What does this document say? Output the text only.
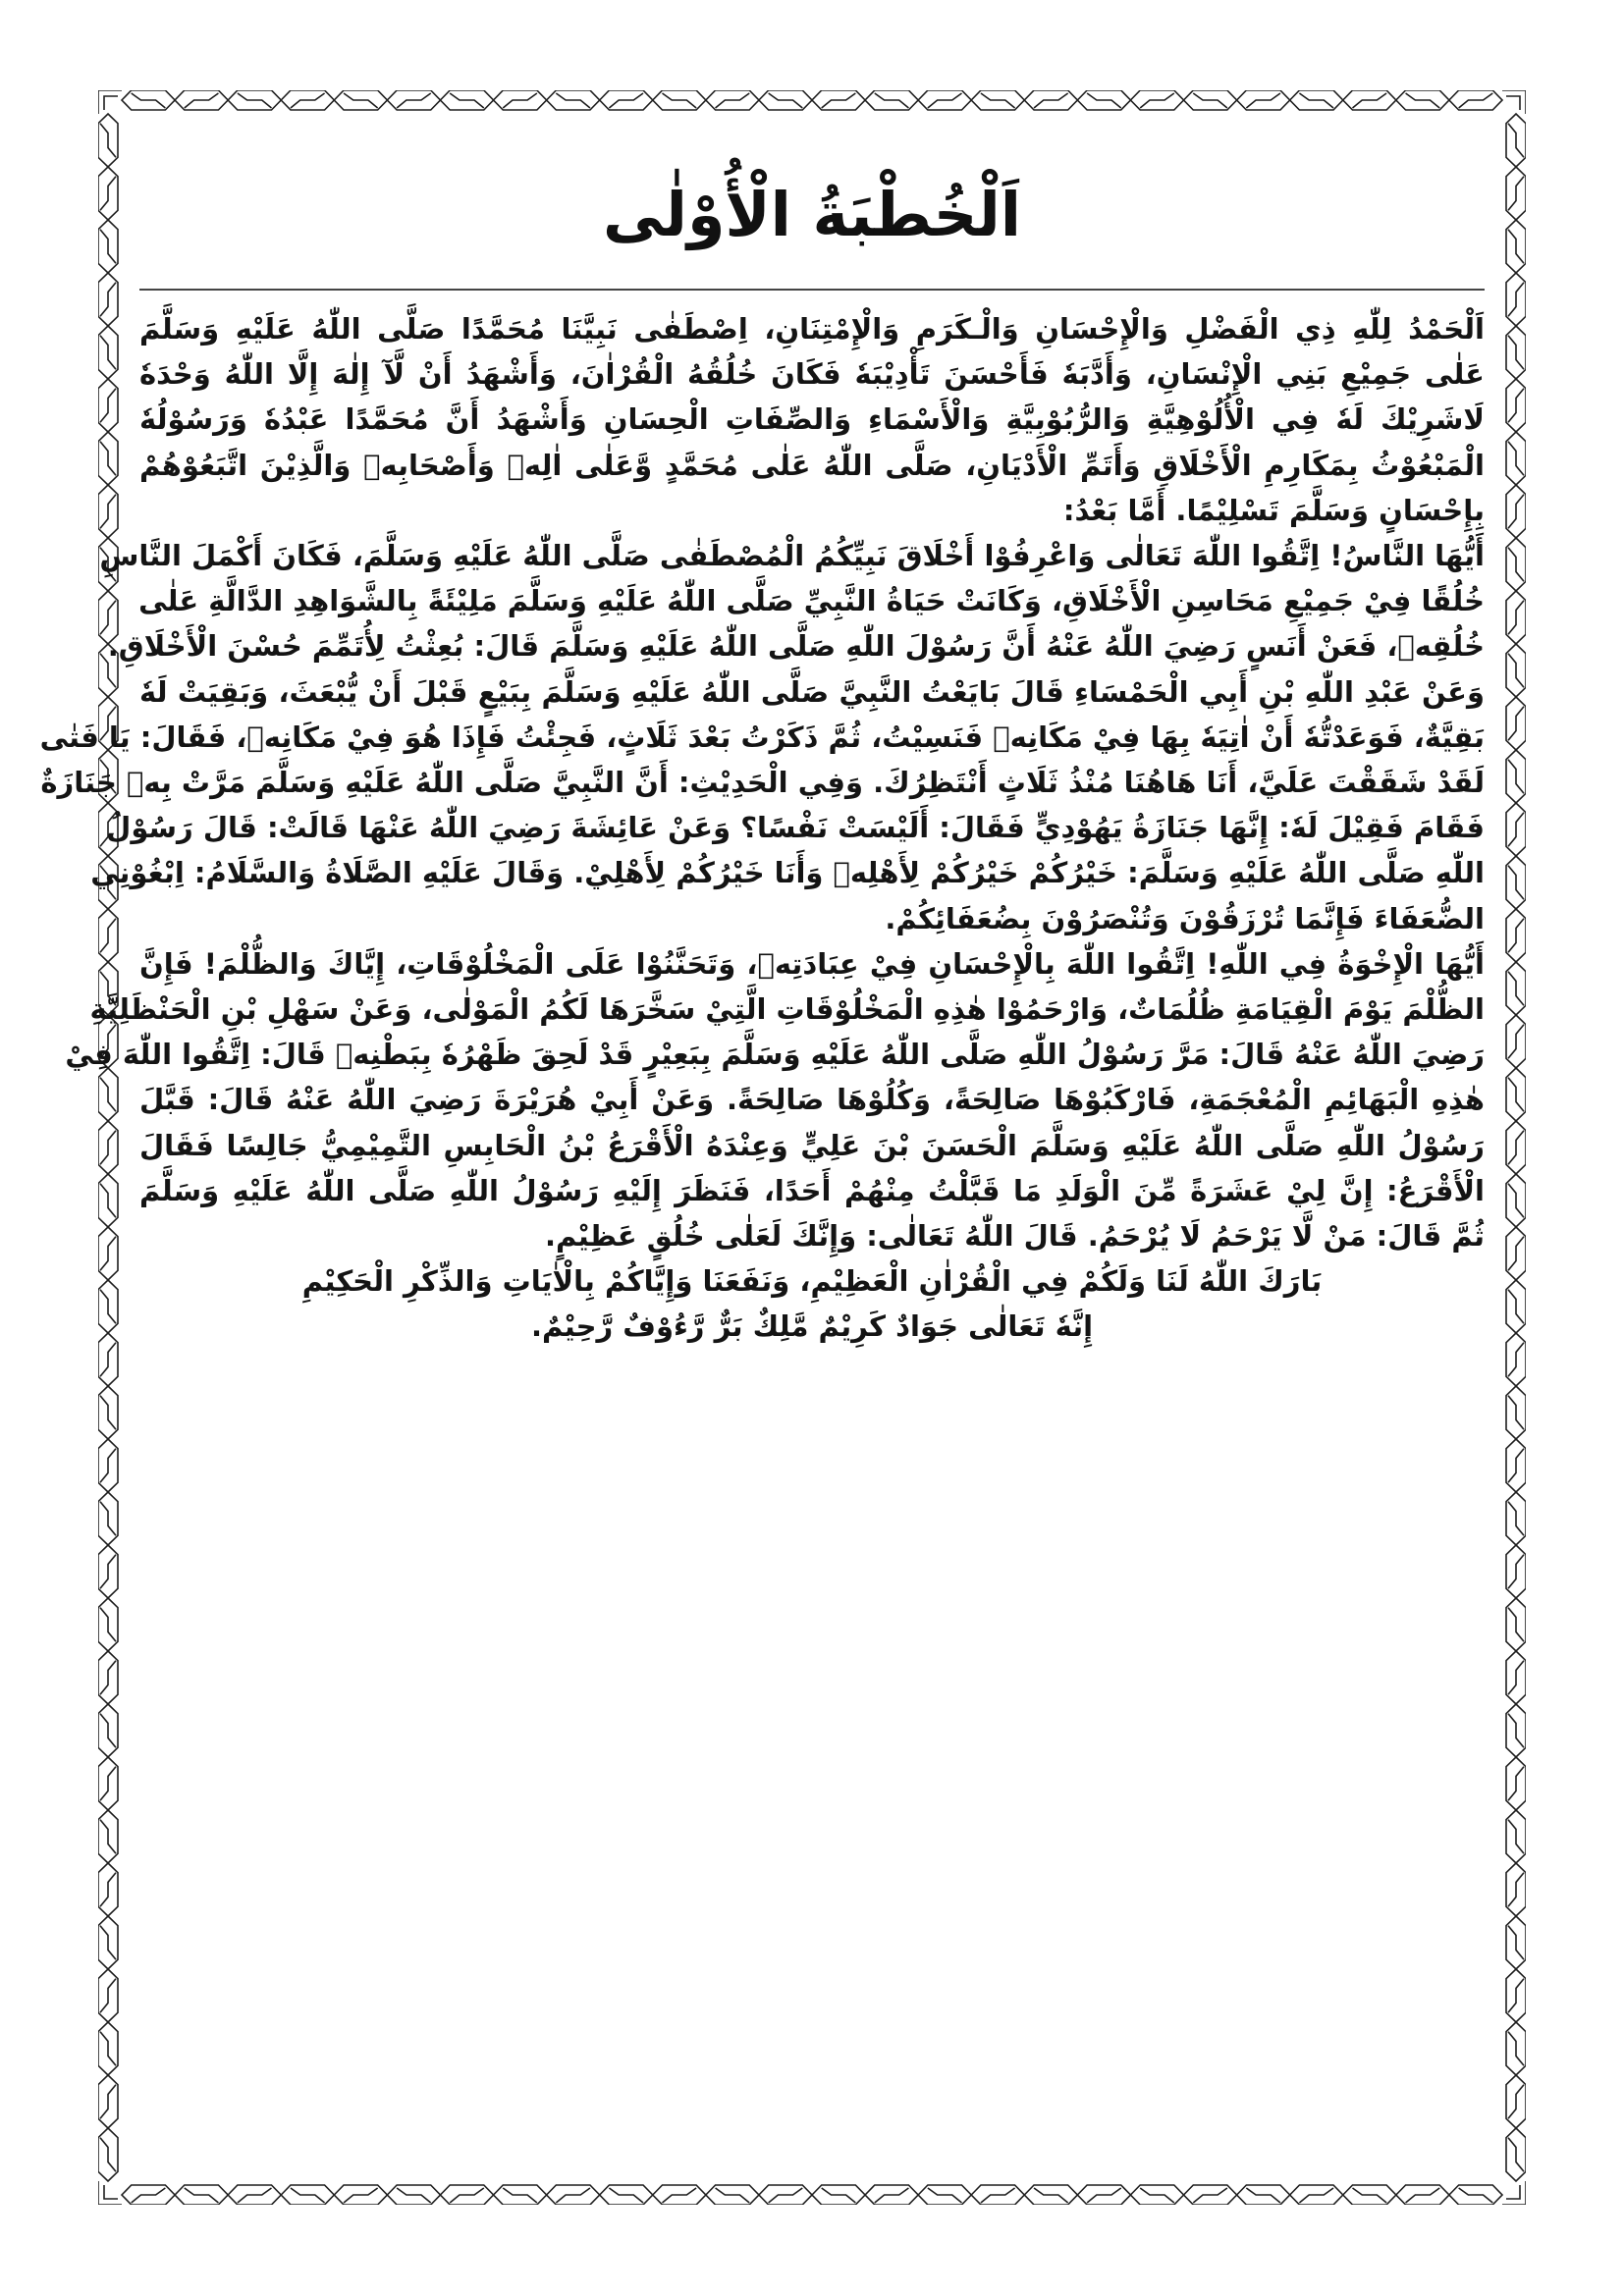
اَلْخُطْبَةُ الْأُوْلٰى

اَلْحَمْدُ لِلّٰهِ ذِي الْفَضْلِ وَالْإِحْسَانِ وَالْـكَرَمِ وَالْإِمْتِنَانِ، اِصْطَفٰى نَبِيَّنَا مُحَمَّدًا صَلَّى اللّٰهُ عَلَيْهِ وَسَلَّمَ
عَلٰى جَمِيْعِ بَنِي الْإِنْسَانِ، وَأَدَّبَهٗ فَأَحْسَنَ تَأْدِيْبَهٗ فَكَانَ خُلُقُهُ الْقُرْاٰنَ، وَأَشْهَدُ أَنْ لَّآ إِلٰهَ إِلَّا اللّٰهُ وَحْدَهٗ
لَاشَرِيْكَ لَهٗ فِي الْأُلُوْهِيَّةِ وَالرُّبُوْبِيَّةِ وَالْأَسْمَاءِ وَالصِّفَاتِ الْحِسَانِ وَأَشْهَدُ أَنَّ مُحَمَّدًا عَبْدُهٗ وَرَسُوْلُهٗ
الْمَبْعُوْثُ بِمَكَارِمِ الْأَخْلَاقِ وَأَتَمِّ الْأَدْيَانِ، صَلَّى اللّٰهُ عَلٰى مُحَمَّدٍ وَّعَلٰى اٰلِهٖ وَأَصْحَابِهٖ وَالَّذِيْنَ اتَّبَعُوْهُمْ
بِإِحْسَانٍ وَسَلَّمَ تَسْلِيْمًا. أَمَّا بَعْدُ:

أَيُّهَا النَّاسُ! اِتَّقُوا اللّٰهَ تَعَالٰى وَاعْرِفُوْا أَخْلَاقَ نَبِيِّكُمُ الْمُصْطَفٰى صَلَّى اللّٰهُ عَلَيْهِ وَسَلَّمَ، فَكَانَ أَكْمَلَ النَّاسِ
خُلُقًا فِيْ جَمِيْعِ مَحَاسِنِ الْأَخْلَاقِ، وَكَانَتْ حَيَاةُ النَّبِيِّ صَلَّى اللّٰهُ عَلَيْهِ وَسَلَّمَ مَلِيْئَةً بِالشَّوَاهِدِ الدَّالَّةِ عَلٰى
خُلُقِهٖ، فَعَنْ أَنَسٍ رَضِيَ اللّٰهُ عَنْهُ أَنَّ رَسُوْلَ اللّٰهِ صَلَّى اللّٰهُ عَلَيْهِ وَسَلَّمَ قَالَ: بُعِثْتُ لِأُتَمِّمَ حُسْنَ الْأَخْلَاقِ.
وَعَنْ عَبْدِ اللّٰهِ بْنِ أَبِي الْحَمْسَاءِ قَالَ بَايَعْتُ النَّبِيَّ صَلَّى اللّٰهُ عَلَيْهِ وَسَلَّمَ بِبَيْعٍ قَبْلَ أَنْ يُّبْعَثَ، وَبَقِيَتْ لَهٗ
بَقِيَّةٌ، فَوَعَدْتُّهٗ أَنْ اٰتِيَهٗ بِهَا فِيْ مَكَانِهٖ فَنَسِيْتُ، ثُمَّ ذَكَرْتُ بَعْدَ ثَلَاثٍ، فَجِئْتُ فَإِذَا هُوَ فِيْ مَكَانِهٖ، فَقَالَ: يَا فَتٰى
لَقَدْ شَقَقْتَ عَلَيَّ، أَنَا هَاهُنَا مُنْذُ ثَلَاثٍ أَنْتَظِرُكَ. وَفِي الْحَدِيْثِ: أَنَّ النَّبِيَّ صَلَّى اللّٰهُ عَلَيْهِ وَسَلَّمَ مَرَّتْ بِهٖ جَنَازَةٌ
فَقَامَ فَقِيْلَ لَهٗ: إِنَّهَا جَنَازَةُ يَهُوْدِيٍّ فَقَالَ: أَلَيْسَتْ نَفْسًا؟ وَعَنْ عَائِشَةَ رَضِيَ اللّٰهُ عَنْهَا قَالَتْ: قَالَ رَسُوْلُ
اللّٰهِ صَلَّى اللّٰهُ عَلَيْهِ وَسَلَّمَ: خَيْرُكُمْ خَيْرُكُمْ لِأَهْلِهٖ وَأَنَا خَيْرُكُمْ لِأَهْلِيْ. وَقَالَ عَلَيْهِ الصَّلَاةُ وَالسَّلَامُ: اِبْغُوْنِي
الضُّعَفَاءَ فَإِنَّمَا تُرْزَقُوْنَ وَتُنْصَرُوْنَ بِضُعَفَائِكُمْ.

أَيُّهَا الْإِخْوَةُ فِي اللّٰهِ! اِتَّقُوا اللّٰهَ بِالْإِحْسَانِ فِيْ عِبَادَتِهٖ، وَتَحَنَّنُوْا عَلَى الْمَخْلُوْقَاتِ، إِيَّاكَ وَالظُّلْمَ! فَإِنَّ
الظُّلْمَ يَوْمَ الْقِيَامَةِ ظُلُمَاتٌ، وَارْحَمُوْا هٰذِهِ الْمَخْلُوْقَاتِ الَّتِيْ سَخَّرَهَا لَكُمُ الْمَوْلٰى، وَعَنْ سَهْلِ بْنِ الْحَنْظَلِيَّةِ
رَضِيَ اللّٰهُ عَنْهُ قَالَ: مَرَّ رَسُوْلُ اللّٰهِ صَلَّى اللّٰهُ عَلَيْهِ وَسَلَّمَ بِبَعِيْرٍ قَدْ لَحِقَ ظَهْرُهٗ بِبَطْنِهٖ قَالَ: اِتَّقُوا اللّٰهَ فِيْ
هٰذِهِ الْبَهَائِمِ الْمُعْجَمَةِ، فَارْكَبُوْهَا صَالِحَةً، وَكُلُوْهَا صَالِحَةً. وَعَنْ أَبِيْ هُرَيْرَةَ رَضِيَ اللّٰهُ عَنْهُ قَالَ: قَبَّلَ
رَسُوْلُ اللّٰهِ صَلَّى اللّٰهُ عَلَيْهِ وَسَلَّمَ الْحَسَنَ بْنَ عَلِيٍّ وَعِنْدَهُ الْأَقْرَعُ بْنُ الْحَابِسِ التَّمِيْمِيُّ جَالِسًا فَقَالَ
الْأَقْرَعُ: إِنَّ لِيْ عَشَرَةً مِّنَ الْوَلَدِ مَا قَبَّلْتُ مِنْهُمْ أَحَدًا، فَنَظَرَ إِلَيْهِ رَسُوْلُ اللّٰهِ صَلَّى اللّٰهُ عَلَيْهِ وَسَلَّمَ
ثُمَّ قَالَ: مَنْ لَّا يَرْحَمُ لَا يُرْحَمُ. قَالَ اللّٰهُ تَعَالٰى: وَإِنَّكَ لَعَلٰى خُلُقٍ عَظِيْمٍ.

بَارَكَ اللّٰهُ لَنَا وَلَكُمْ فِي الْقُرْاٰنِ الْعَظِيْمِ، وَنَفَعَنَا وَإِيَّاكُمْ بِالْاٰيَاتِ وَالذِّكْرِ الْحَكِيْمِ
إِنَّهٗ تَعَالٰى جَوَادٌ كَرِيْمٌ مَّلِكٌ بَرٌّ رَّءُوْفٌ رَّحِيْمٌ.
